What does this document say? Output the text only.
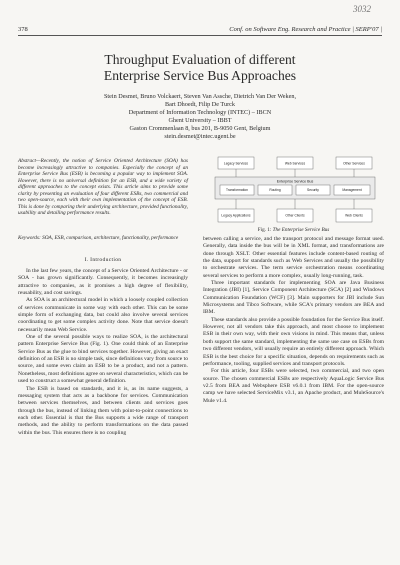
3032
378	Conf. on Software Eng. Research and Practice | SERP'07 |
Throughput Evaluation of different
Enterprise Service Bus Approaches
Stein Desmet, Bruno Volckaert, Steven Van Assche, Dietrich Van Der Weken,
Bart Dhoedt, Filip De Turck
Department of Information Technology (INTEC) – IBCN
Ghent University – IBBT
Gaston Crommenlaan 8, bus 201, B-9050 Gent, Belgium
stein.desmet@intec.ugent.be
Abstract—Recently, the notion of Service Oriented Architecture (SOA) has become increasingly attractive to companies. Especially the concept of an Enterprise Service Bus (ESB) is becoming a popular way to implement SOA. However, there is no universal definition for an ESB, and a wide variety of different approaches to the concept exists. This article aims to provide some clarity by presenting an evaluation of four different ESBs, two commercial and two open-source, each with their own implementation of the concept of ESB. This is done by comparing their underlying architecture, provided functionality, usability and detailing performance results.
Keywords: SOA, ESB, comparison, architecture, functionality, performance
I. Introduction

In the last few years, the concept of a Service Oriented Architecture - or SOA - has grown significantly. Consequently, it becomes increasingly attractive to companies, as it promises a high degree of flexibility, reusability, and cost savings.

As SOA is an architectural model in which a loosely coupled collection of services communicate in some way with each other. This can be some simple form of exchanging data, but could also involve several services coordinating to get some complex activity done. Note that service doesn't necessarily mean Web Service.

One of the several possible ways to realize SOA, is the architectural pattern Enterprise Service Bus (Fig. 1). One could think of an Enterprise Service Bus as the glue to bind services together. However, giving an exact definition of an ESB is no simple task, since definitions vary from source to source, and some even claim an ESB to be a product, and not a pattern. Nonetheless, most definitions agree on several characteristics, which can be used to construct a somewhat general definition.

The ESB is based on standards, and it is, as its name suggests, a messaging system that acts as a backbone for services. Communication between services themselves, and between clients and services goes through the bus, instead of linking them with point-to-point connections to each other. Essential is that the Bus supports a wide range of transport methods, and the ability to perform transformations on the data passed within the bus. This ensures there is no coupling

Legacy Services	Web Services	Other Services
Enterprise Service Bus
Transformation	Routing	Security	Management
Legacy Applications	Other Clients	Web Clients
Fig. 1: The Enterprise Service Bus

between calling a service, and the transport protocol and message format used. Generally, data inside the bus will be in XML format, and transformations are done through XSLT. Other essential features include content-based routing of the data, support for standards such as Web Services and usually the possibility to orchestrate services. The term service orchestration means coordinating several services to perform a more complex, usually long-running, task.

Three important standards for implementing SOA are Java Business Integration (JBI) [1], Service Component Architecture (SCA) [2] and Windows Communication Foundation (WCF) [3]. Main supporters for JBI include Sun Microsystems and Tibco Software, while SCA's primary vendors are BEA and IBM.

These standards also provide a possible foundation for the Service Bus itself. However, not all vendors take this approach, and most choose to implement ESB in their own way, with their own visions in mind. This means that, unless both support the same standard, implementing the same use case on ESBs from two different vendors, will usually require an entirely different approach. Which ESB is the best choice for a specific situation, depends on requirements such as performance, tooling, supplied services and transport protocols.

For this article, four ESBs were selected, two commercial, and two open source. The chosen commercial ESBs are respectively AquaLogic Service Bus v2.5 from BEA and Websphere ESB v6.0.1 from IBM. For the open-source camp we have selected ServiceMix v3.1, an Apache product, and MuleSource's Mule v1.4.
